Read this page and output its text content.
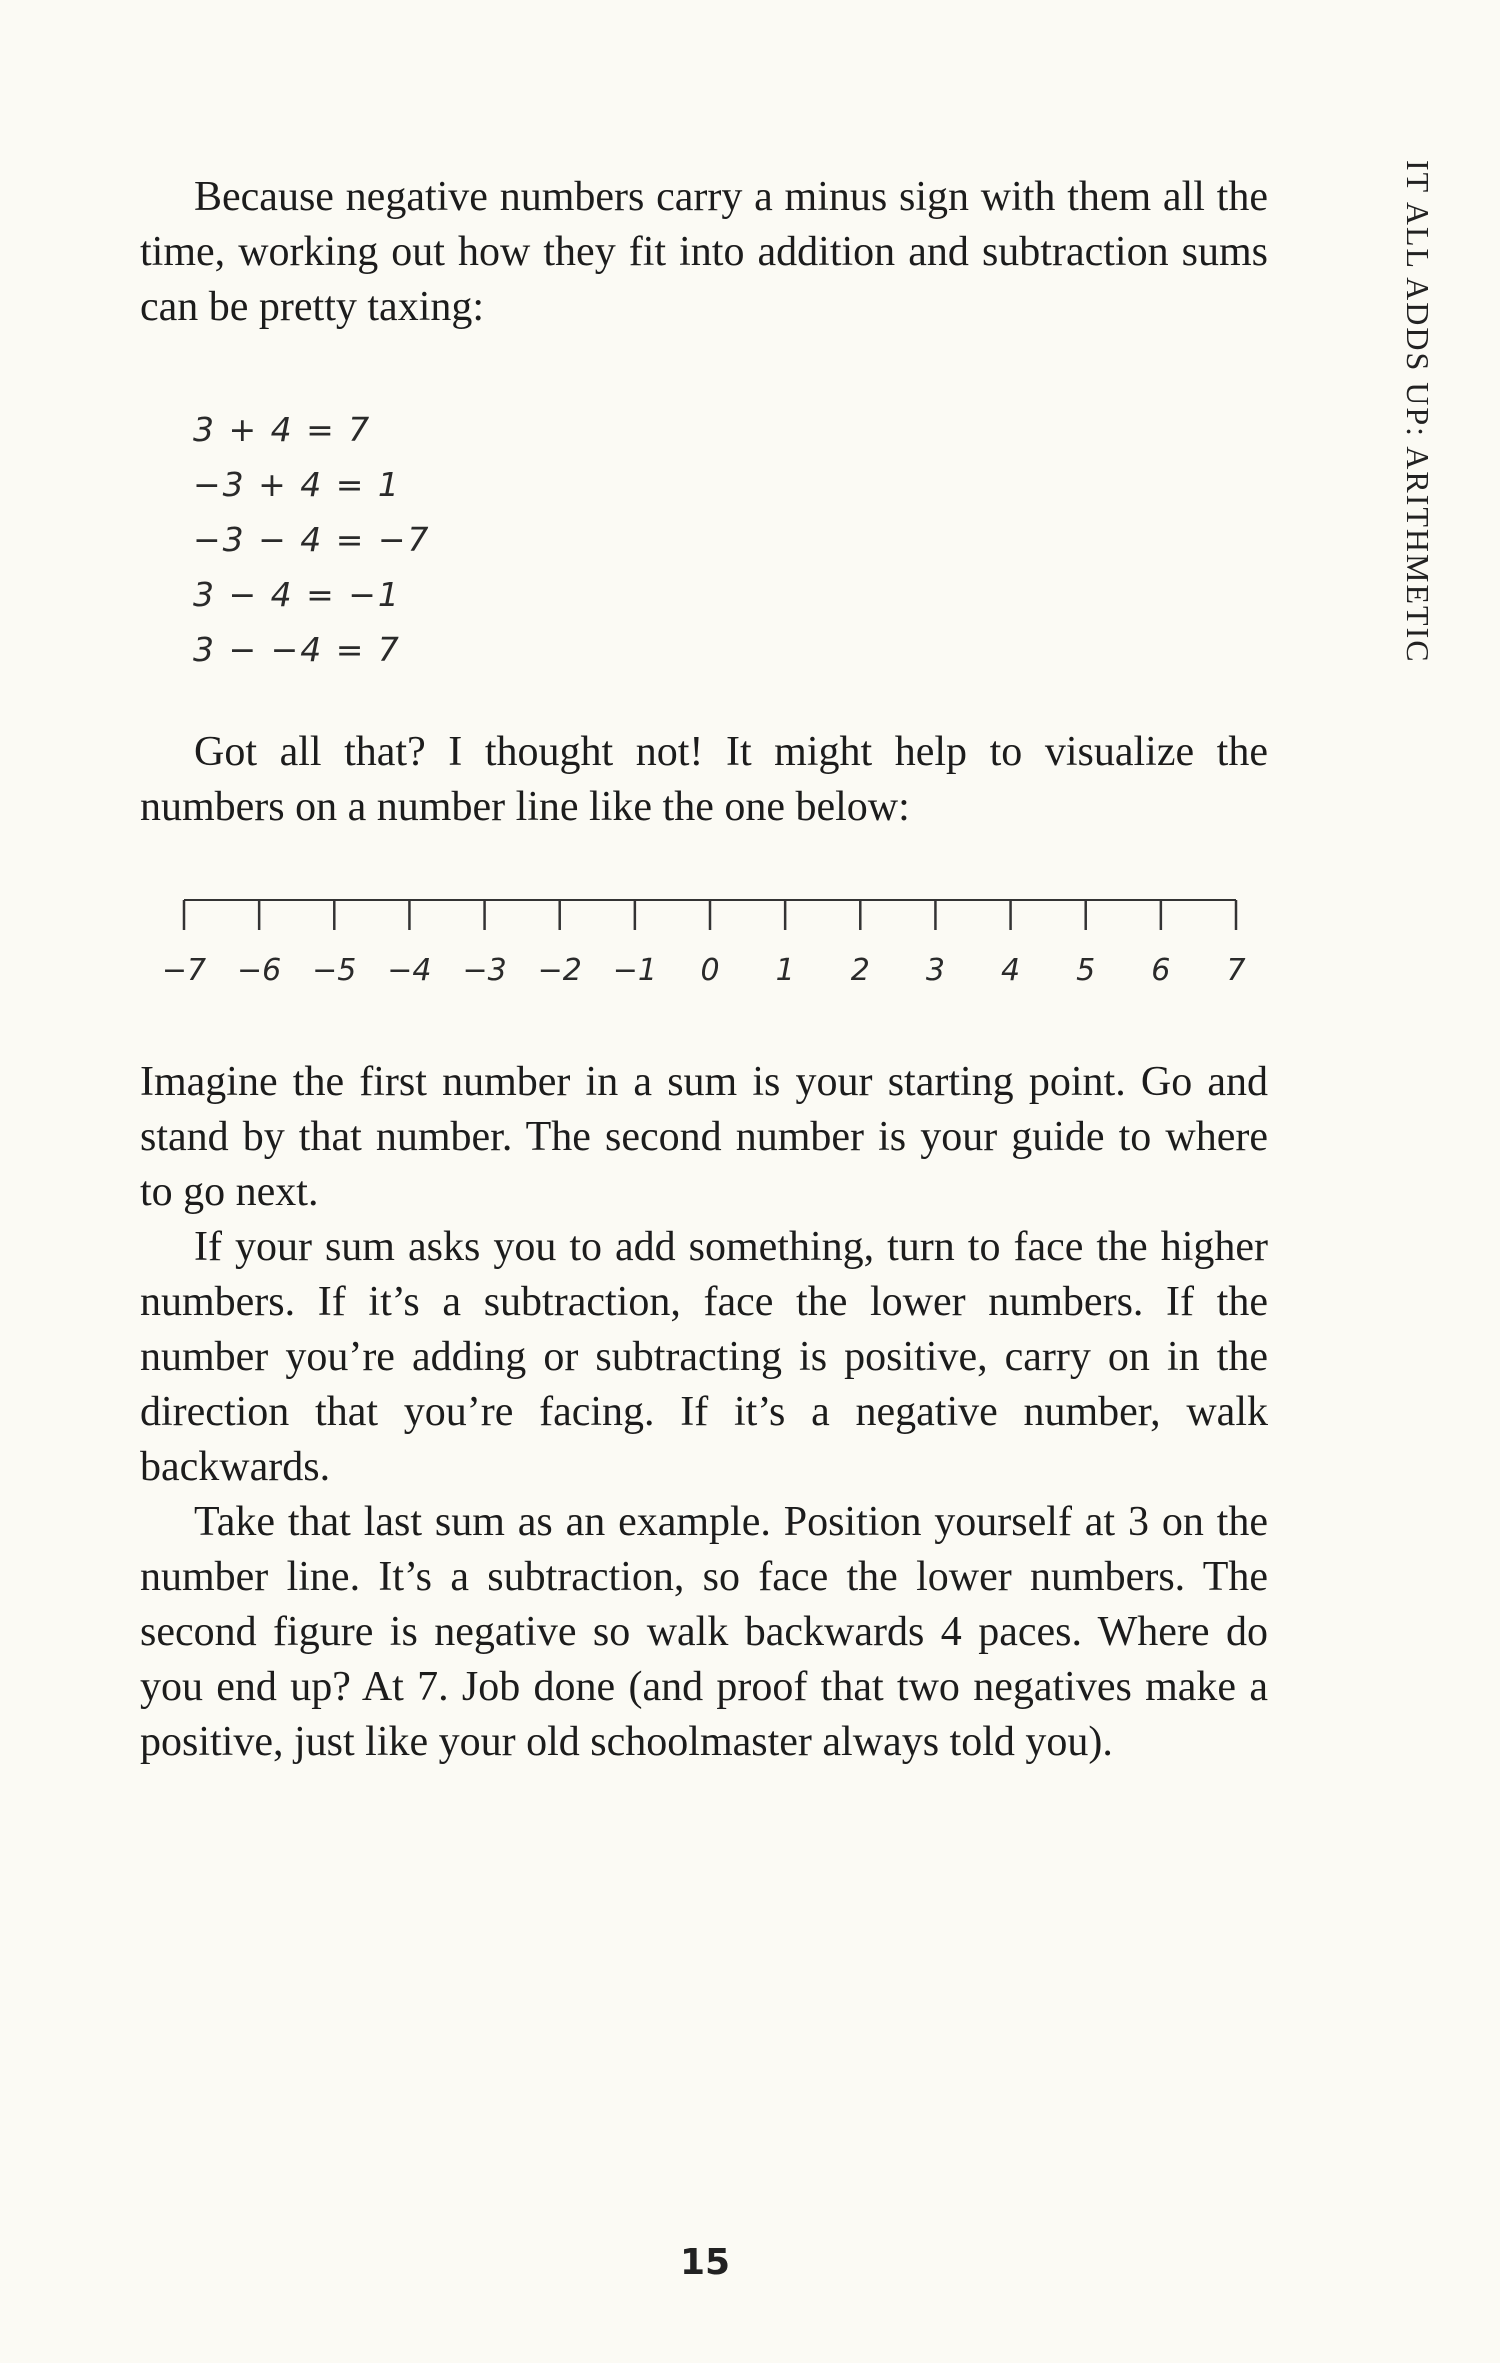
IT ALL ADDS UP: ARITHMETIC

Because negative numbers carry a minus sign with them all the time, working out how they fit into addition and subtraction sums can be pretty taxing:

3 + 4 = 7

−3 + 4 = 1

−3 − 4 = −7

3 − 4 = −1

3 − −4 = 7

Got all that? I thought not! It might help to visualize the numbers on a number line like the one below:

−7 −6 −5 −4 −3 −2 −1 0 1 2 3 4 5 6 7

Imagine the first number in a sum is your starting point. Go and stand by that number. The second number is your guide to where to go next.

If your sum asks you to add something, turn to face the higher numbers. If it’s a subtraction, face the lower numbers. If the number you’re adding or subtracting is positive, carry on in the direction that you’re facing. If it’s a negative number, walk backwards.

Take that last sum as an example. Position yourself at 3 on the number line. It’s a subtraction, so face the lower numbers. The second figure is negative so walk backwards 4 paces. Where do you end up? At 7. Job done (and proof that two negatives make a positive, just like your old schoolmaster always told you).

15
